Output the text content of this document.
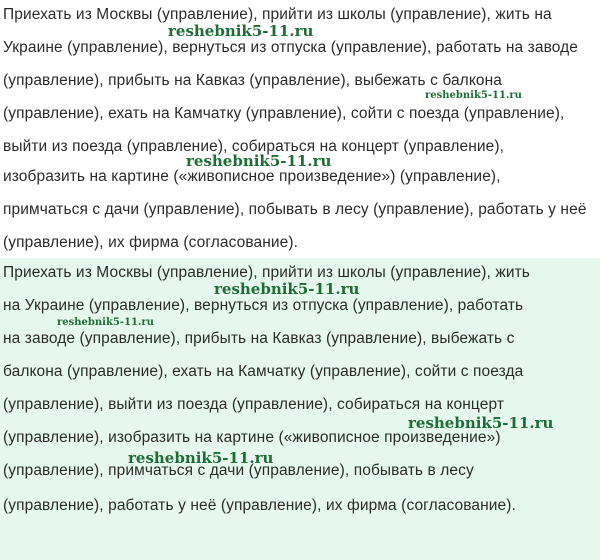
Приехать из Москвы (управление), прийти из школы (управление), жить на
Украине (управление), вернуться из отпуска (управление), работать на заводе
(управление), прибыть на Кавказ (управление), выбежать с балкона
(управление), ехать на Камчатку (управление), сойти с поезда (управление),
выйти из поезда (управление), собираться на концерт (управление),
изобразить на картине («живописное произведение») (управление),
примчаться с дачи (управление), побывать в лесу (управление), работать у неё
(управление), их фирма (согласование).
reshebnik5-11.ru
reshebnik5-11.ru
reshebnik5-11.ru
Приехать из Москвы (управление), прийти из школы (управление), жить
на Украине (управление), вернуться из отпуска (управление), работать
на заводе (управление), прибыть на Кавказ (управление), выбежать с
балкона (управление), ехать на Камчатку (управление), сойти с поезда
(управление), выйти из поезда (управление), собираться на концерт
(управление), изобразить на картине («живописное произведение»)
(управление), примчаться с дачи (управление), побывать в лесу
(управление), работать у неё (управление), их фирма (согласование).
reshebnik5-11.ru
reshebnik5-11.ru
reshebnik5-11.ru
reshebnik5-11.ru
